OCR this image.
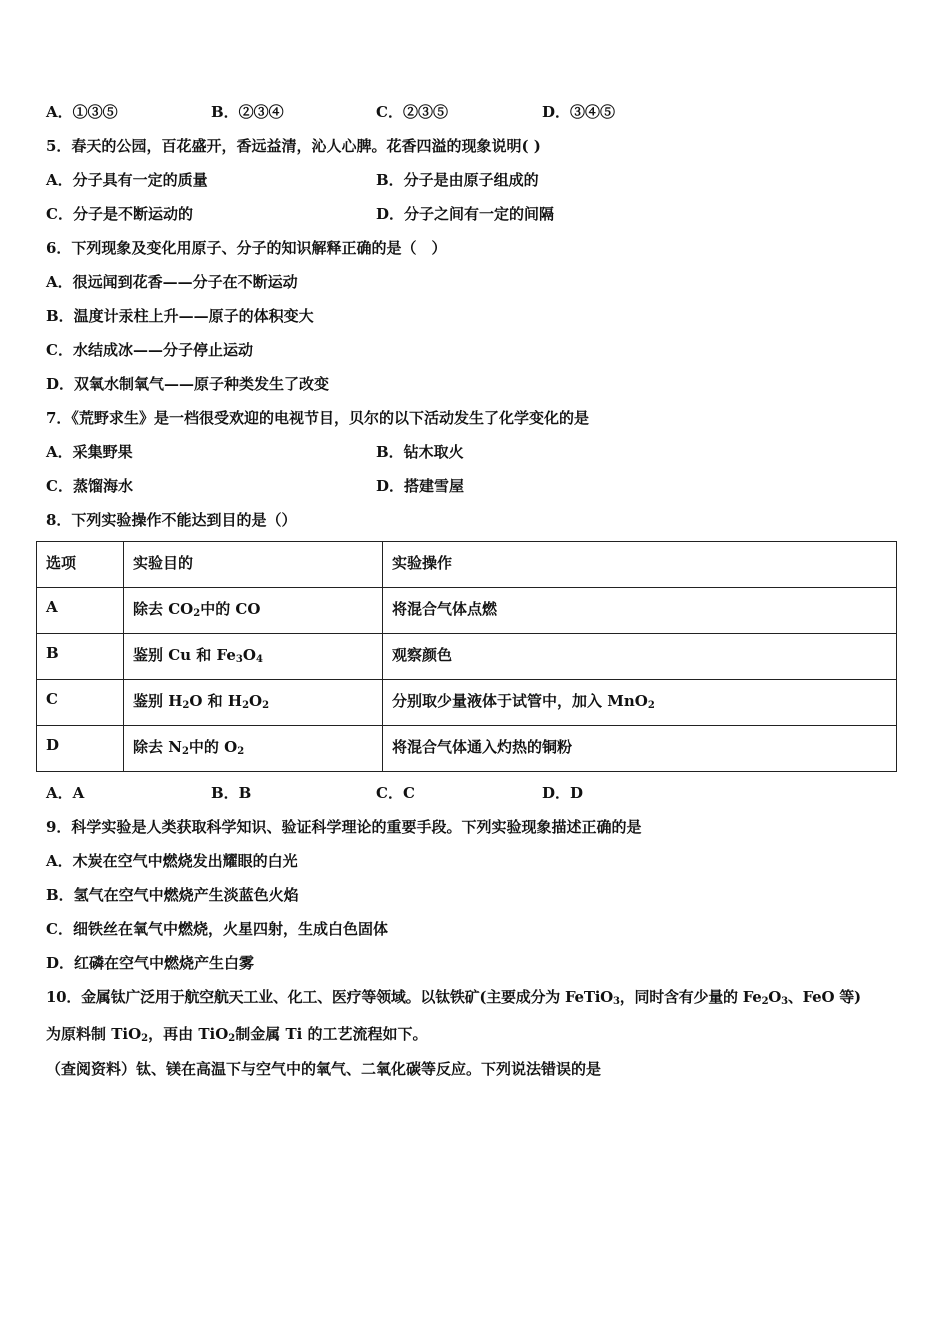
A．①③⑤	B．②③④	C．②③⑤	D．③④⑤
5．春天的公园，百花盛开，香远益清，沁人心脾。花香四溢的现象说明( )
A．分子具有一定的质量	B．分子是由原子组成的
C．分子是不断运动的	D．分子之间有一定的间隔
6．下列现象及变化用原子、分子的知识解释正确的是（　）
A．很远闻到花香——分子在不断运动
B．温度计汞柱上升——原子的体积变大
C．水结成冰——分子停止运动
D．双氧水制氧气——原子种类发生了改变
7．《荒野求生》是一档很受欢迎的电视节目，贝尔的以下活动发生了化学变化的是
A．采集野果	B．钻木取火
C．蒸馏海水	D．搭建雪屋
8．下列实验操作不能达到目的是（）
选项	实验目的	实验操作
A	除去 $CO_2$中的 CO	将混合气体点燃
B	鉴别 Cu 和 $Fe_3O_4$	观察颜色
C	鉴别 $H_2O$ 和 $H_2O_2$	分别取少量液体于试管中，加入 MnO$_2$
D	除去 $N_2$中的 $O_2$	将混合气体通入灼热的铜粉
A．A	B．B	C．C	D．D
9．科学实验是人类获取科学知识、验证科学理论的重要手段。下列实验现象描述正确的是
A．木炭在空气中燃烧发出耀眼的白光
B．氢气在空气中燃烧产生淡蓝色火焰
C．细铁丝在氧气中燃烧，火星四射，生成白色固体
D．红磷在空气中燃烧产生白雾
10．金属钛广泛用于航空航天工业、化工、医疗等领域。以钛铁矿(主要成分为 FeTiO$_3$，同时含有少量的 $Fe_2O_3$、FeO 等)
为原料制 TiO$_2$，再由 TiO$_2$制金属 Ti 的工艺流程如下。
（查阅资料）钛、镁在高温下与空气中的氧气、二氧化碳等反应。下列说法错误的是
